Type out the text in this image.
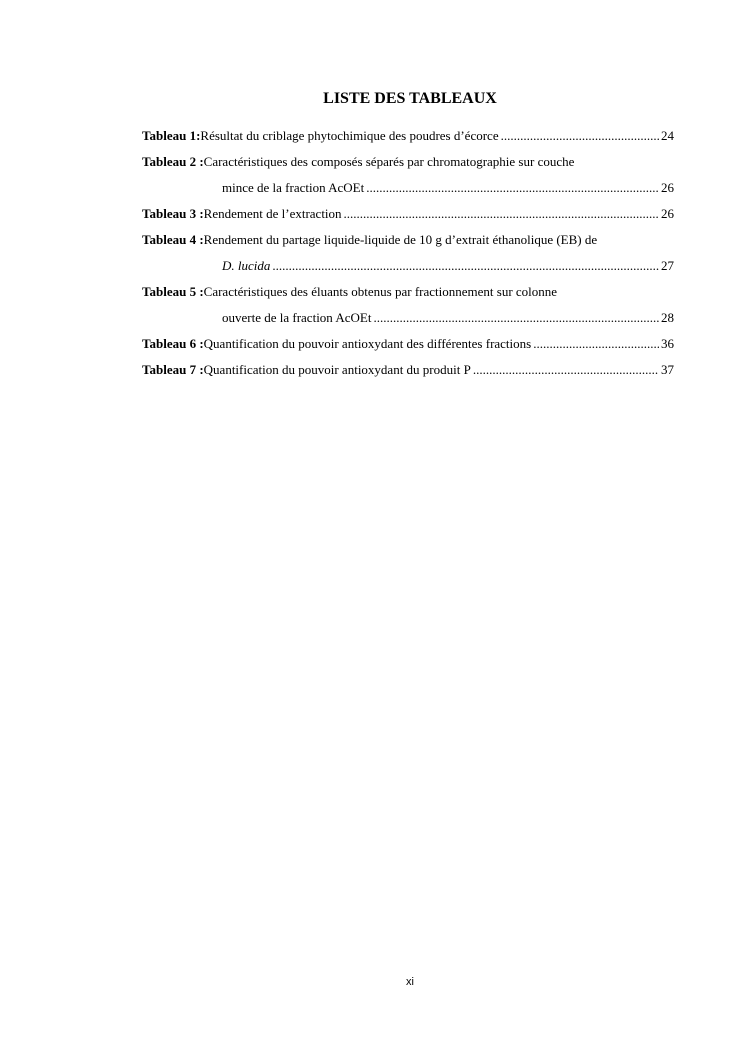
LISTE DES TABLEAUX
Tableau 1: Résultat du criblage phytochimique des poudres d’écorce .....	24
Tableau 2 : Caractéristiques des composés séparés par chromatographie sur couche
mince de la fraction AcOEt .....	26
Tableau 3 : Rendement de l’extraction .....	26
Tableau 4 : Rendement du partage liquide-liquide de 10 g d’extrait éthanolique (EB) de
D. lucida .....	27
Tableau 5 : Caractéristiques des éluants obtenus par fractionnement sur colonne
ouverte de la fraction AcOEt .....	28
Tableau 6 : Quantification du pouvoir antioxydant des différentes fractions .....	36
Tableau 7 : Quantification du pouvoir antioxydant du produit P .....	37
xi
